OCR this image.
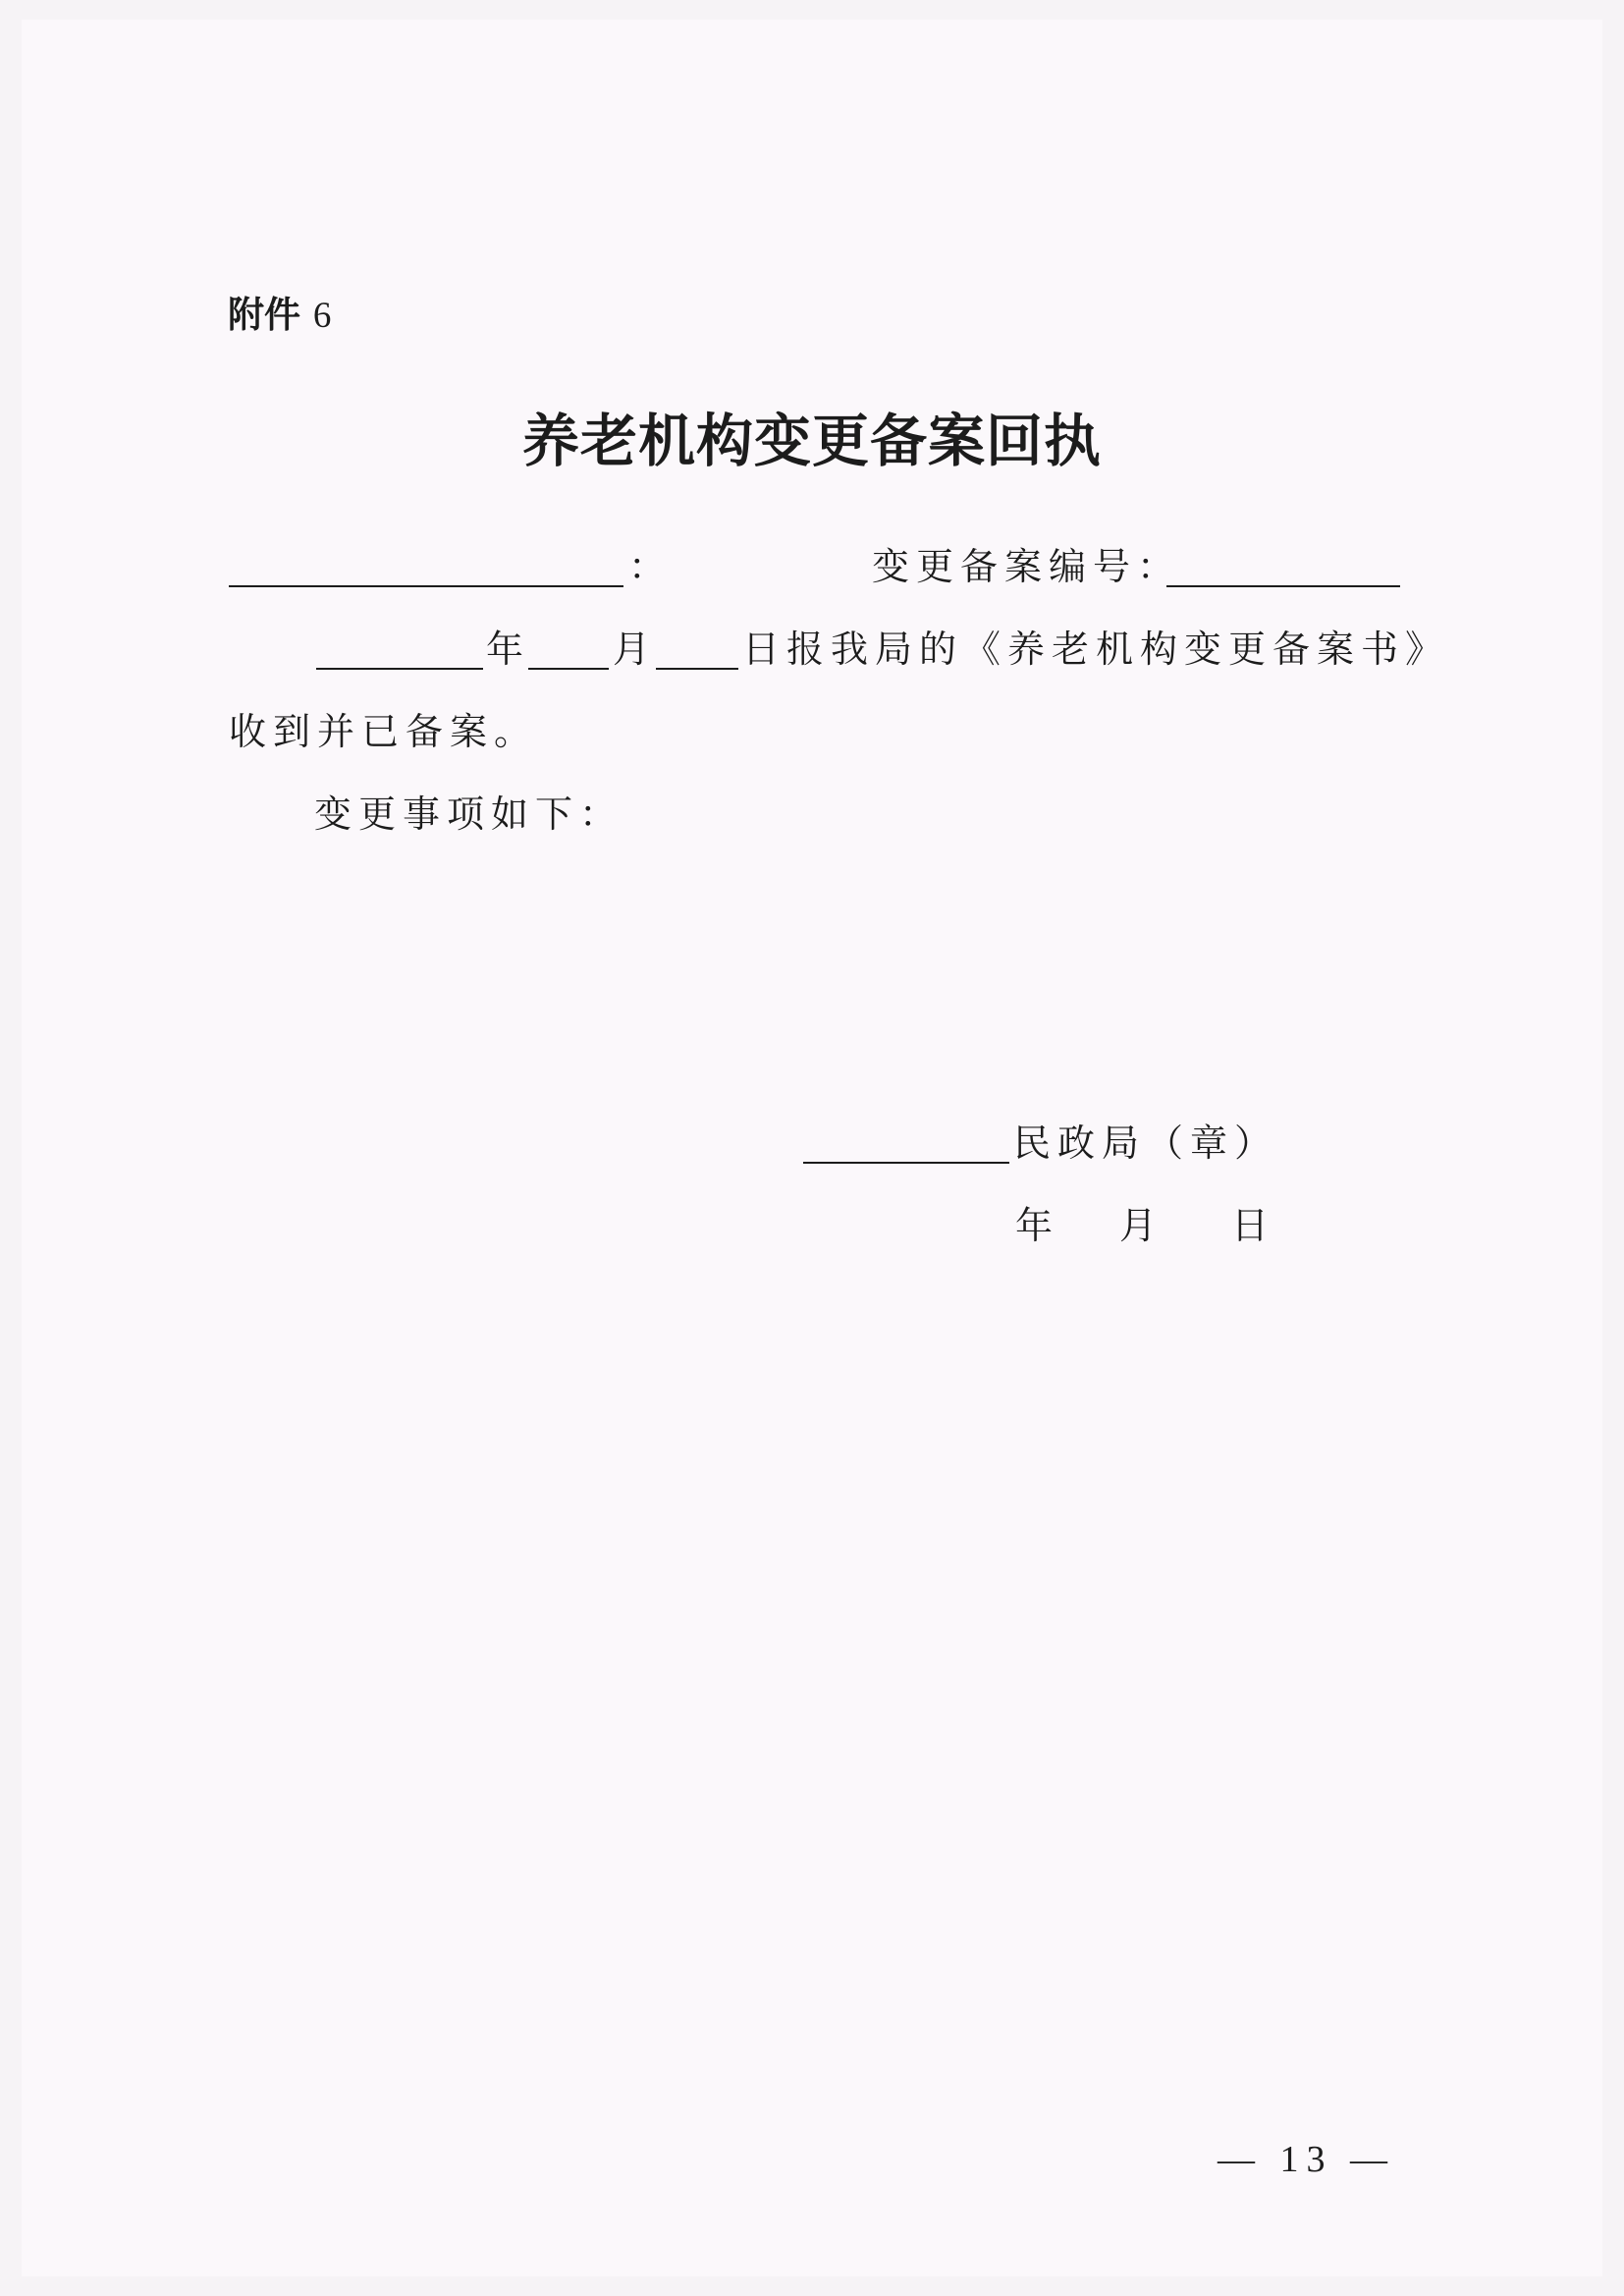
附件 6
养老机构变更备案回执
：	变更备案编号：
年 月 日报我局的《养老机构变更备案书》
收到并已备案。
变更事项如下：
民政局（章）
年 月 日
— 13 —
